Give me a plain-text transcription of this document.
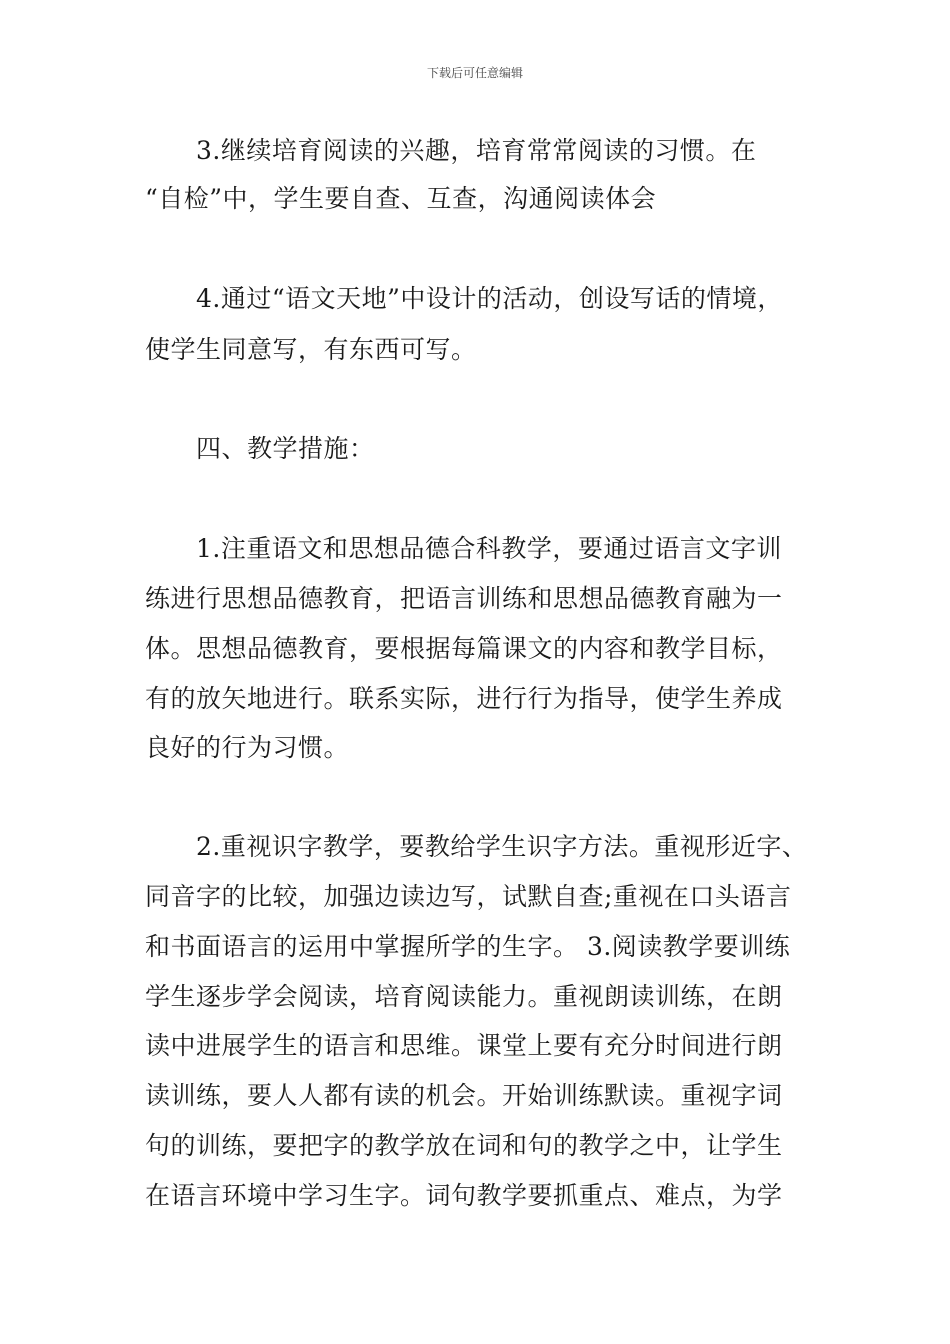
下载后可任意编辑
3.继续培育阅读的兴趣，培育常常阅读的习惯。在
“自检”中，学生要自查、互查，沟通阅读体会
4.通过“语文天地”中设计的活动，创设写话的情境，
使学生同意写，有东西可写。
四、教学措施：
1.注重语文和思想品德合科教学，要通过语言文字训
练进行思想品德教育，把语言训练和思想品德教育融为一
体。思想品德教育，要根据每篇课文的内容和教学目标，
有的放矢地进行。联系实际，进行行为指导，使学生养成
良好的行为习惯。
2.重视识字教学，要教给学生识字方法。重视形近字、
同音字的比较，加强边读边写，试默自查;重视在口头语言
和书面语言的运用中掌握所学的生字。 3.阅读教学要训练
学生逐步学会阅读，培育阅读能力。重视朗读训练，在朗
读中进展学生的语言和思维。课堂上要有充分时间进行朗
读训练，要人人都有读的机会。开始训练默读。重视字词
句的训练，要把字的教学放在词和句的教学之中，让学生
在语言环境中学习生字。词句教学要抓重点、难点，为学
